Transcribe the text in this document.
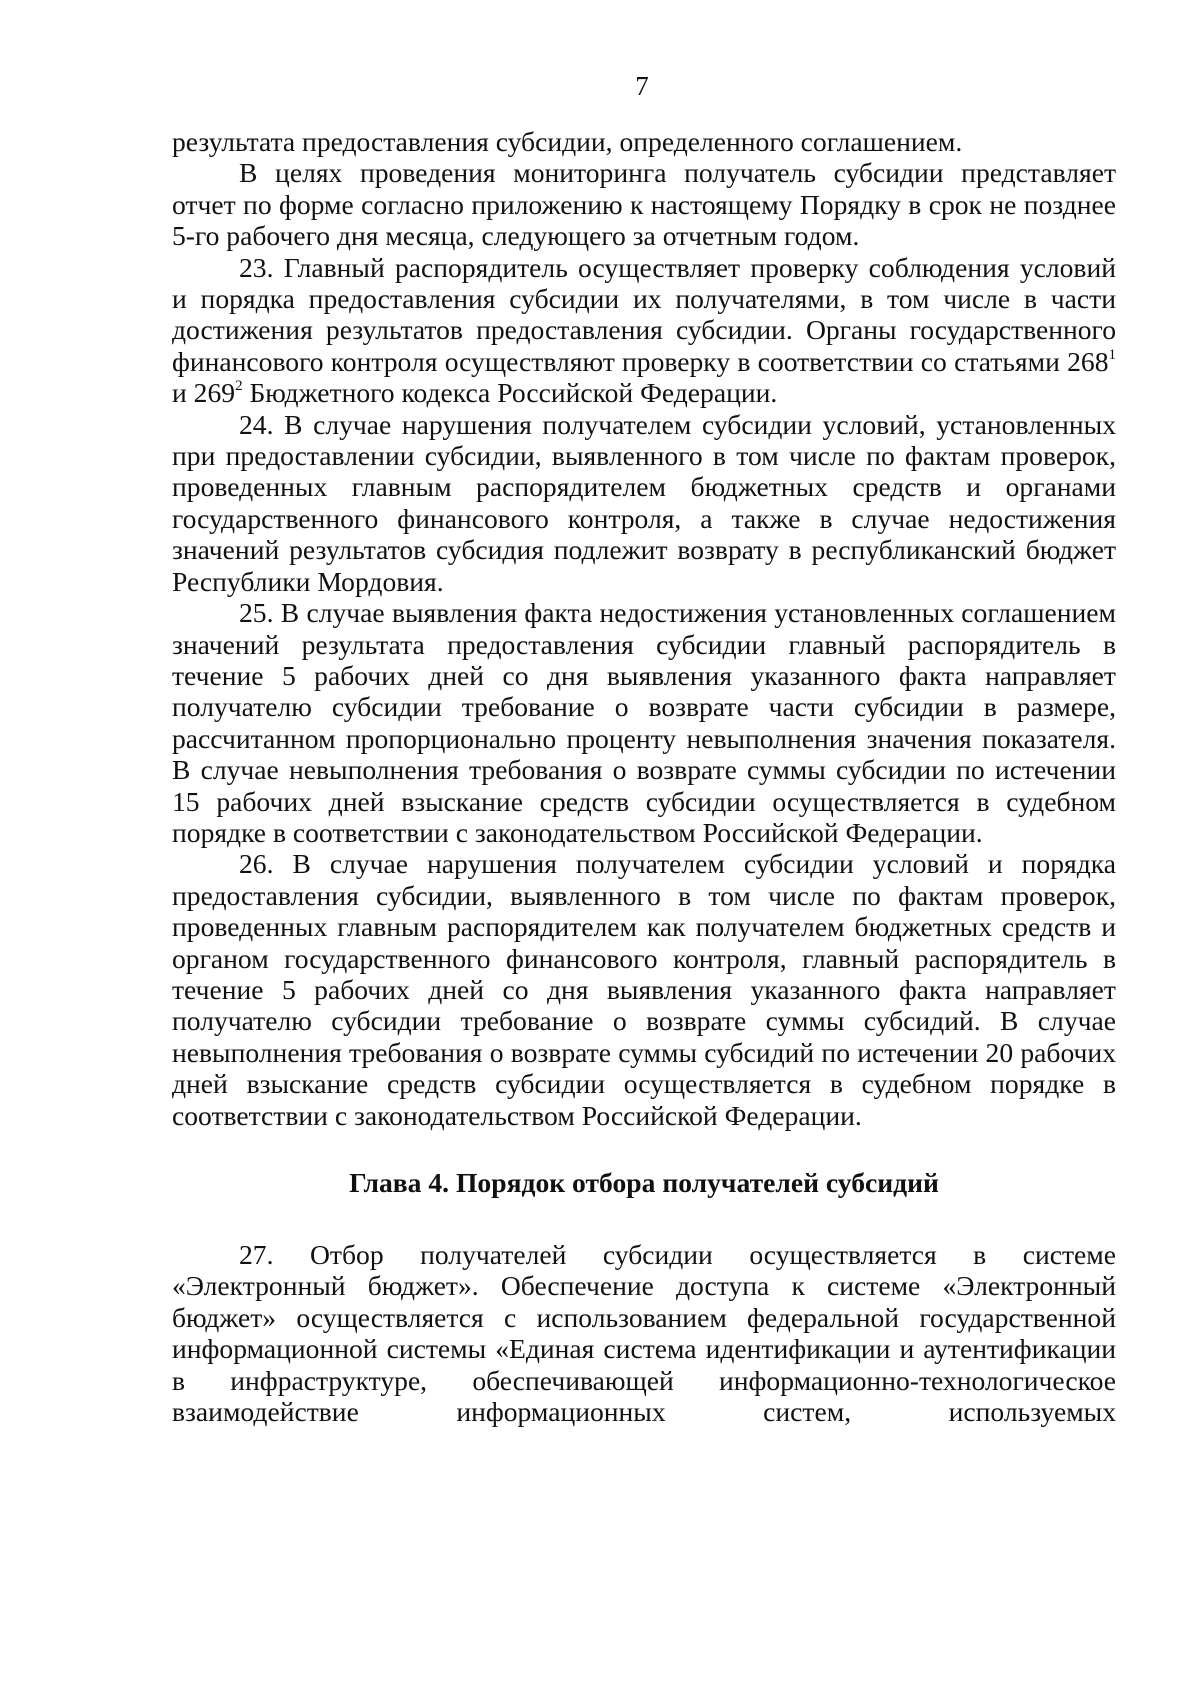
7

результата предоставления субсидии, определенного соглашением.

В целях проведения мониторинга получатель субсидии представляет отчет по форме согласно приложению к настоящему Порядку в срок не позднее 5-го рабочего дня месяца, следующего за отчетным годом.

23. Главный распорядитель осуществляет проверку соблюдения условий и порядка предоставления субсидии их получателями, в том числе в части достижения результатов предоставления субсидии. Органы государственного финансового контроля осуществляют проверку в соответствии со статьями $268^1$ и $269^2$ Бюджетного кодекса Российской Федерации.

24. В случае нарушения получателем субсидии условий, установленных при предоставлении субсидии, выявленного в том числе по фактам проверок, проведенных главным распорядителем бюджетных средств и органами государственного финансового контроля, а также в случае недостижения значений результатов субсидия подлежит возврату в республиканский бюджет Республики Мордовия.

25. В случае выявления факта недостижения установленных соглашением значений результата предоставления субсидии главный распорядитель в течение 5 рабочих дней со дня выявления указанного факта направляет получателю субсидии требование о возврате части субсидии в размере, рассчитанном пропорционально проценту невыполнения значения показателя. В случае невыполнения требования о возврате суммы субсидии по истечении 15 рабочих дней взыскание средств субсидии осуществляется в судебном порядке в соответствии с законодательством Российской Федерации.

26. В случае нарушения получателем субсидии условий и порядка предоставления субсидии, выявленного в том числе по фактам проверок, проведенных главным распорядителем как получателем бюджетных средств и органом государственного финансового контроля, главный распорядитель в течение 5 рабочих дней со дня выявления указанного факта направляет получателю субсидии требование о возврате суммы субсидий. В случае невыполнения требования о возврате суммы субсидий по истечении 20 рабочих дней взыскание средств субсидии осуществляется в судебном порядке в соответствии с законодательством Российской Федерации.

Глава 4. Порядок отбора получателей субсидий

27. Отбор получателей субсидии осуществляется в системе «Электронный бюджет». Обеспечение доступа к системе «Электронный бюджет» осуществляется с использованием федеральной государственной информационной системы «Единая система идентификации и аутентификации в инфраструктуре, обеспечивающей информационно-технологическое взаимодействие информационных систем, используемых
